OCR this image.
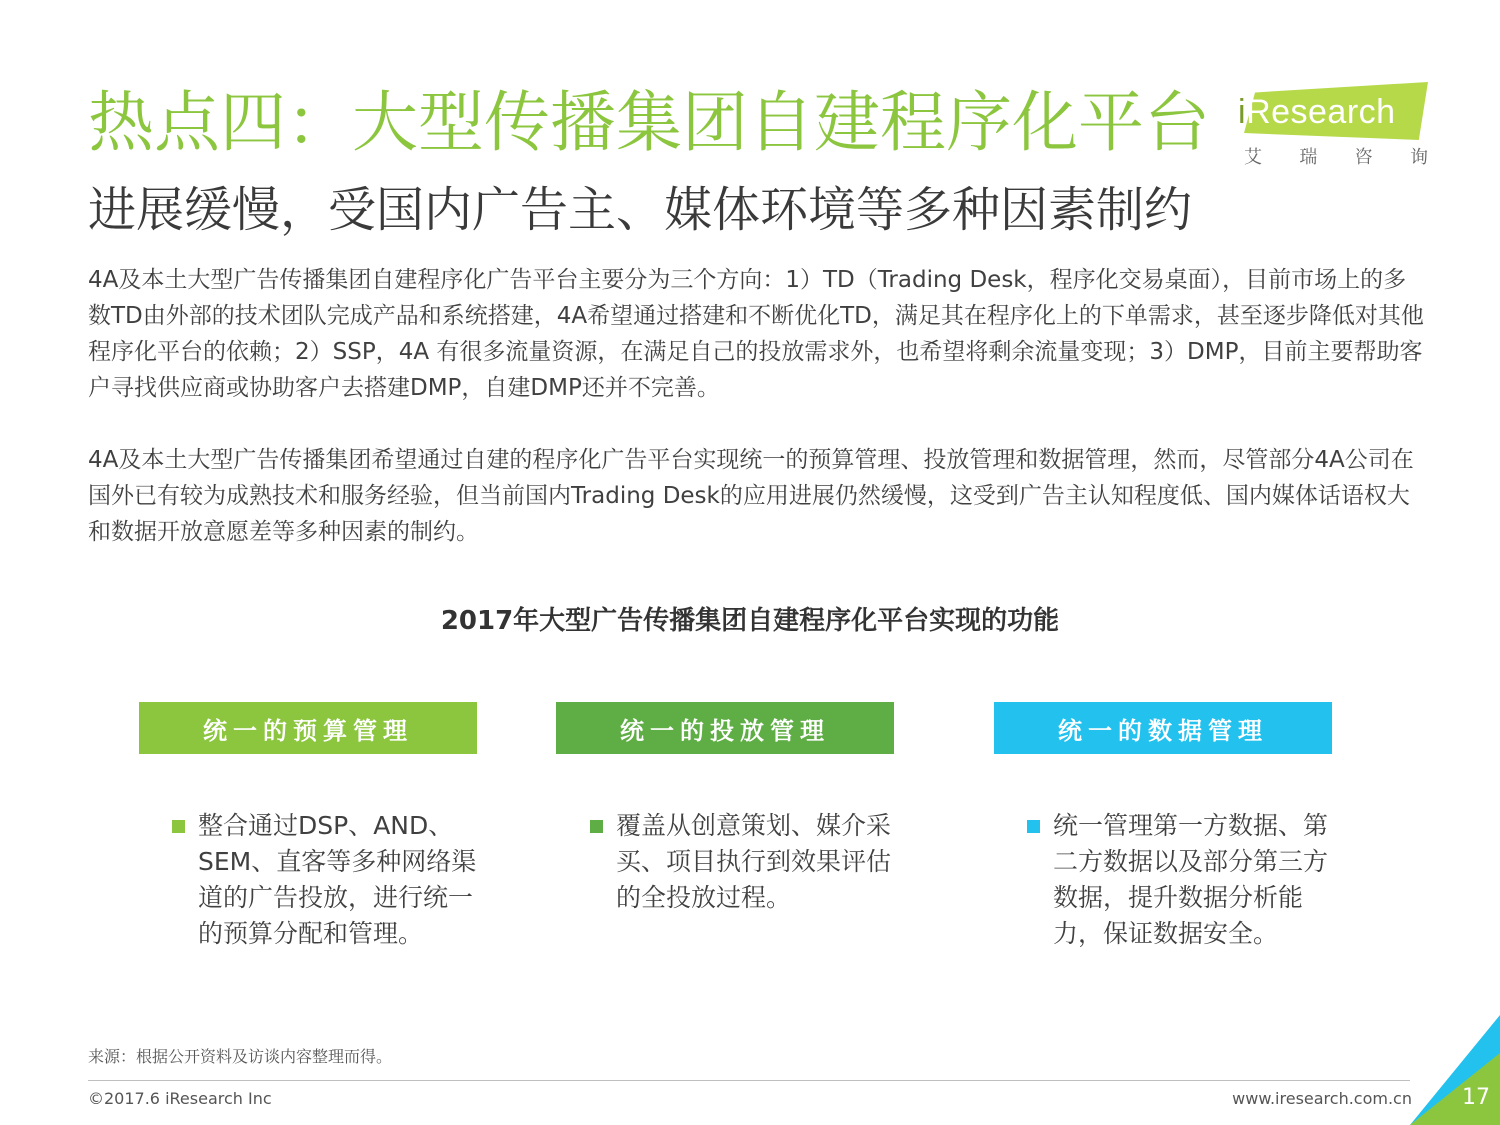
热点四：大型传播集团自建程序化平台
进展缓慢，受国内广告主、媒体环境等多种因素制约
iResearch
艾 瑞 咨 询
4A及本土大型广告传播集团自建程序化广告平台主要分为三个方向：1）TD（Trading Desk，程序化交易桌面），目前市场上的多数TD由外部的技术团队完成产品和系统搭建，4A希望通过搭建和不断优化TD，满足其在程序化上的下单需求，甚至逐步降低对其他程序化平台的依赖；2）SSP，4A 有很多流量资源，在满足自己的投放需求外，也希望将剩余流量变现；3）DMP，目前主要帮助客户寻找供应商或协助客户去搭建DMP，自建DMP还并不完善。
4A及本土大型广告传播集团希望通过自建的程序化广告平台实现统一的预算管理、投放管理和数据管理，然而，尽管部分4A公司在国外已有较为成熟技术和服务经验，但当前国内Trading Desk的应用进展仍然缓慢，这受到广告主认知程度低、国内媒体话语权大和数据开放意愿差等多种因素的制约。
2017年大型广告传播集团自建程序化平台实现的功能
统一的预算管理	统一的投放管理	统一的数据管理
整合通过DSP、AND、SEM、直客等多种网络渠道的广告投放，进行统一的预算分配和管理。
覆盖从创意策划、媒介采买、项目执行到效果评估的全投放过程。
统一管理第一方数据、第二方数据以及部分第三方数据，提升数据分析能力，保证数据安全。
来源：根据公开资料及访谈内容整理而得。
©2017.6 iResearch Inc	www.iresearch.com.cn 17
